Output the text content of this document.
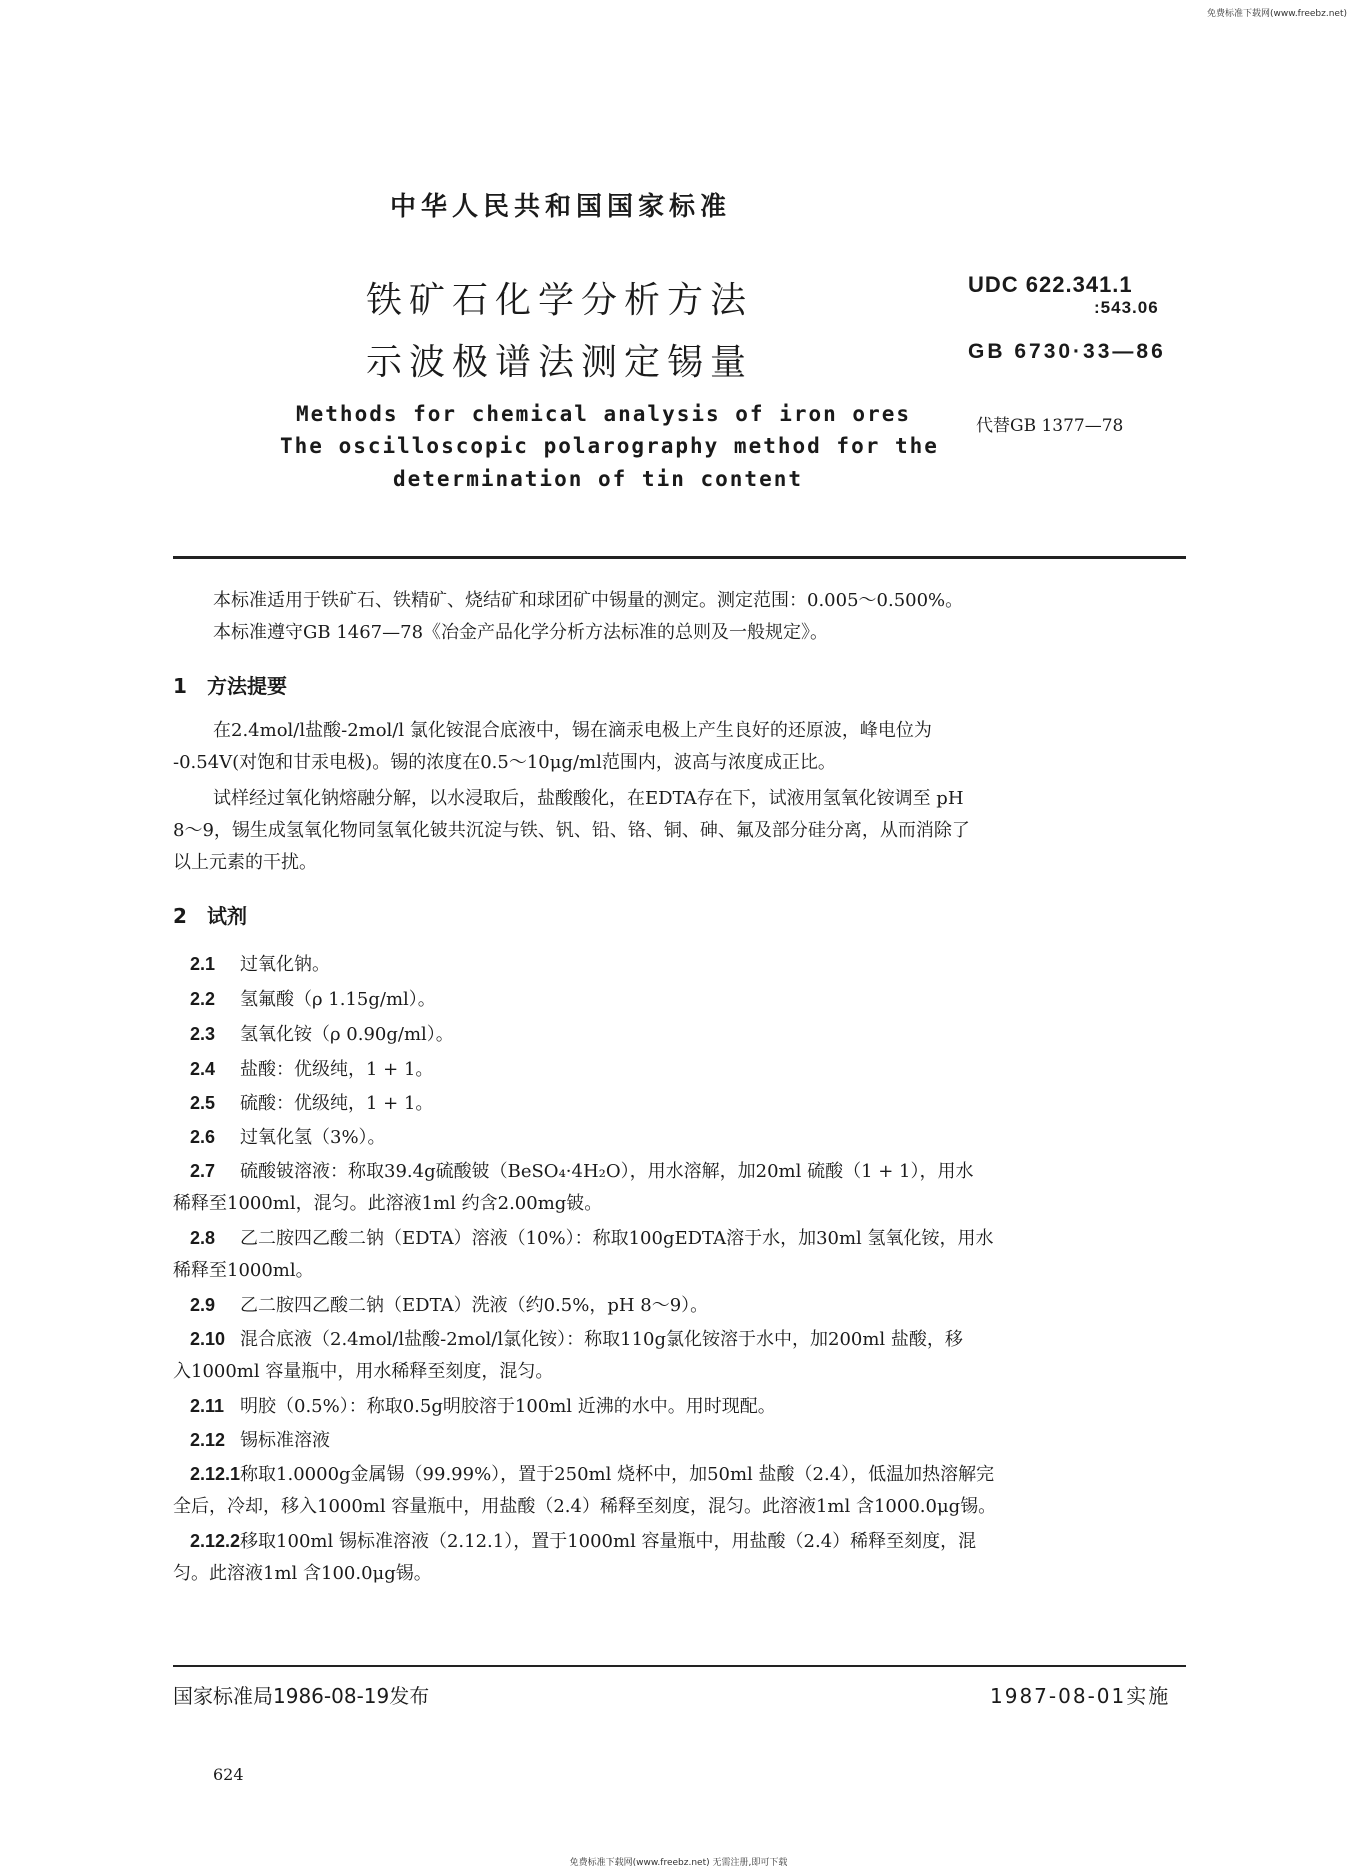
免费标准下载网(www.freebz.net)
中华人民共和国国家标准
铁矿石化学分析方法
示波极谱法测定锡量
UDC 622.341.1
:543.06
GB 6730·33—86
代替GB 1377—78
Methods for chemical analysis of iron ores
The oscilloscopic polarography method for the
determination of tin content
本标准适用于铁矿石、铁精矿、烧结矿和球团矿中锡量的测定。测定范围：0.005～0.500%。
本标准遵守GB 1467—78《冶金产品化学分析方法标准的总则及一般规定》。
1 方法提要
在2.4mol/l盐酸-2mol/l 氯化铵混合底液中，锡在滴汞电极上产生良好的还原波，峰电位为
-0.54V(对饱和甘汞电极)。锡的浓度在0.5～10μg/ml范围内，波高与浓度成正比。
试样经过氧化钠熔融分解，以水浸取后，盐酸酸化，在EDTA存在下，试液用氢氧化铵调至 pH
8～9，锡生成氢氧化物同氢氧化铍共沉淀与铁、钒、铅、铬、铜、砷、氟及部分硅分离，从而消除了
以上元素的干扰。
2 试剂
2.1 过氧化钠。
2.2 氢氟酸（ρ 1.15g/ml）。
2.3 氢氧化铵（ρ 0.90g/ml）。
2.4 盐酸：优级纯，1 + 1。
2.5 硫酸：优级纯，1 + 1。
2.6 过氧化氢（3%）。
2.7 硫酸铍溶液：称取39.4g硫酸铍（BeSO₄·4H₂O），用水溶解，加20ml 硫酸（1 + 1），用水
稀释至1000ml，混匀。此溶液1ml 约含2.00mg铍。
2.8 乙二胺四乙酸二钠（EDTA）溶液（10%）：称取100gEDTA溶于水，加30ml 氢氧化铵，用水
稀释至1000ml。
2.9 乙二胺四乙酸二钠（EDTA）洗液（约0.5%，pH 8～9）。
2.10 混合底液（2.4mol/l盐酸-2mol/l氯化铵）：称取110g氯化铵溶于水中，加200ml 盐酸，移
入1000ml 容量瓶中，用水稀释至刻度，混匀。
2.11 明胶（0.5%）：称取0.5g明胶溶于100ml 近沸的水中。用时现配。
2.12 锡标准溶液
2.12.1称取1.0000g金属锡（99.99%），置于250ml 烧杯中，加50ml 盐酸（2.4），低温加热溶解完
全后，冷却，移入1000ml 容量瓶中，用盐酸（2.4）稀释至刻度，混匀。此溶液1ml 含1000.0μg锡。
2.12.2移取100ml 锡标准溶液（2.12.1），置于1000ml 容量瓶中，用盐酸（2.4）稀释至刻度，混
匀。此溶液1ml 含100.0μg锡。
国家标准局1986-08-19发布	1987-08-01实施
624
免费标准下载网(www.freebz.net) 无需注册,即可下载
